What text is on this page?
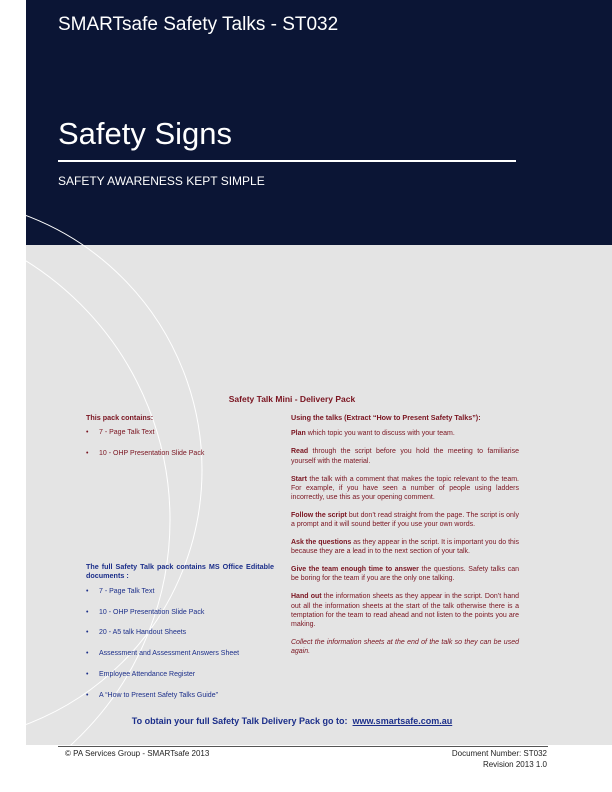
SMARTsafe Safety Talks - ST032
Safety Signs

SAFETY AWARENESS KEPT SIMPLE

Safety Talk Mini - Delivery Pack

This pack contains:

• 7 - Page Talk Text
• 10 - OHP Presentation Slide Pack

The full Safety Talk pack contains MS Office Editable documents :

• 7 - Page Talk Text
• 10 - OHP Presentation Slide Pack
• 20 - A5 talk Handout Sheets
• Assessment and Assessment Answers Sheet
• Employee Attendance Register
• A “How to Present Safety Talks Guide”

Using the talks (Extract “How to Present Safety Talks”):

Plan which topic you want to discuss with your team.

Read through the script before you hold the meeting to familiarise yourself with the material.

Start the talk with a comment that makes the topic relevant to the team. For example, if you have seen a number of people using ladders incorrectly, use this as your opening comment.

Follow the script but don’t read straight from the page. The script is only a prompt and it will sound better if you use your own words.

Ask the questions as they appear in the script. It is important you do this because they are a lead in to the next section of your talk.

Give the team enough time to answer the questions. Safety talks can be boring for the team if you are the only one talking.

Hand out the information sheets as they appear in the script. Don’t hand out all the information sheets at the start of the talk otherwise there is a temptation for the team to read ahead and not listen to the points you are making.

Collect the information sheets at the end of the talk so they can be used again.

To obtain your full Safety Talk Delivery Pack go to: www.smartsafe.com.au

© PA Services Group - SMARTsafe 2013	Document Number: ST032
Revision 2013 1.0
